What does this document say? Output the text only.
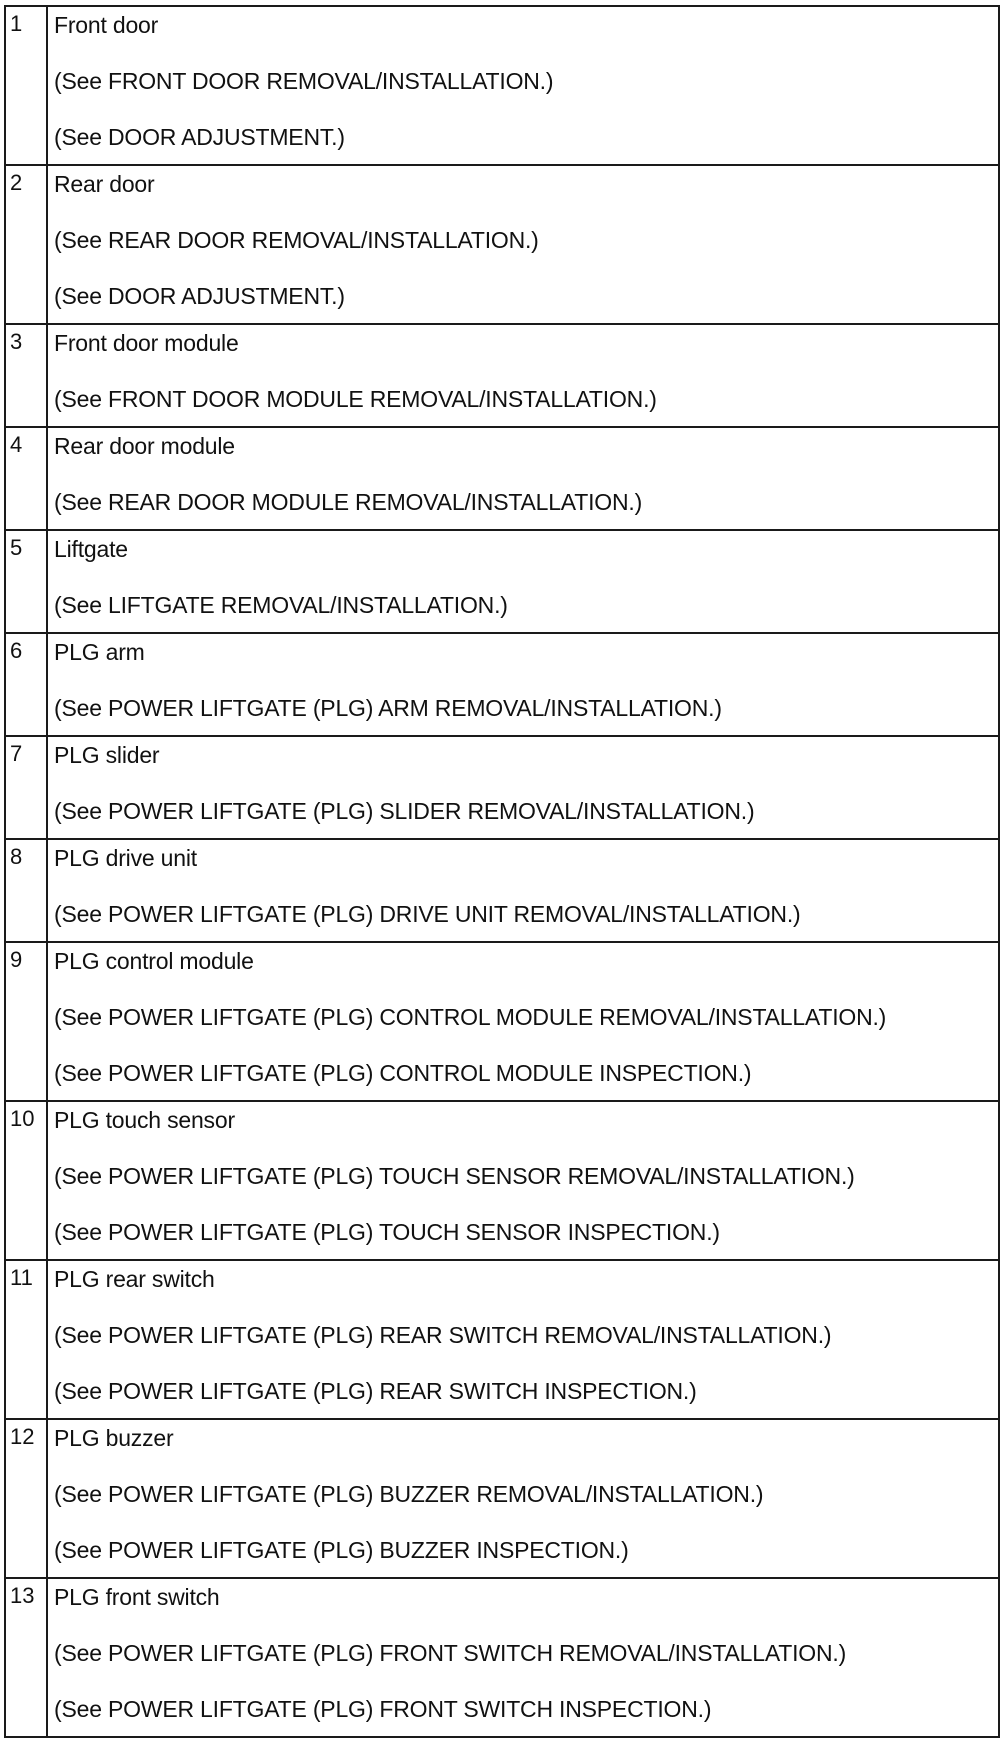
1	Front door
(See FRONT DOOR REMOVAL/INSTALLATION.)
(See DOOR ADJUSTMENT.)

2	Rear door
(See REAR DOOR REMOVAL/INSTALLATION.)
(See DOOR ADJUSTMENT.)

3	Front door module
(See FRONT DOOR MODULE REMOVAL/INSTALLATION.)

4	Rear door module
(See REAR DOOR MODULE REMOVAL/INSTALLATION.)

5	Liftgate
(See LIFTGATE REMOVAL/INSTALLATION.)

6	PLG arm
(See POWER LIFTGATE (PLG) ARM REMOVAL/INSTALLATION.)

7	PLG slider
(See POWER LIFTGATE (PLG) SLIDER REMOVAL/INSTALLATION.)

8	PLG drive unit
(See POWER LIFTGATE (PLG) DRIVE UNIT REMOVAL/INSTALLATION.)

9	PLG control module
(See POWER LIFTGATE (PLG) CONTROL MODULE REMOVAL/INSTALLATION.)
(See POWER LIFTGATE (PLG) CONTROL MODULE INSPECTION.)

10	PLG touch sensor
(See POWER LIFTGATE (PLG) TOUCH SENSOR REMOVAL/INSTALLATION.)
(See POWER LIFTGATE (PLG) TOUCH SENSOR INSPECTION.)

11	PLG rear switch
(See POWER LIFTGATE (PLG) REAR SWITCH REMOVAL/INSTALLATION.)
(See POWER LIFTGATE (PLG) REAR SWITCH INSPECTION.)

12	PLG buzzer
(See POWER LIFTGATE (PLG) BUZZER REMOVAL/INSTALLATION.)
(See POWER LIFTGATE (PLG) BUZZER INSPECTION.)

13	PLG front switch
(See POWER LIFTGATE (PLG) FRONT SWITCH REMOVAL/INSTALLATION.)
(See POWER LIFTGATE (PLG) FRONT SWITCH INSPECTION.)
